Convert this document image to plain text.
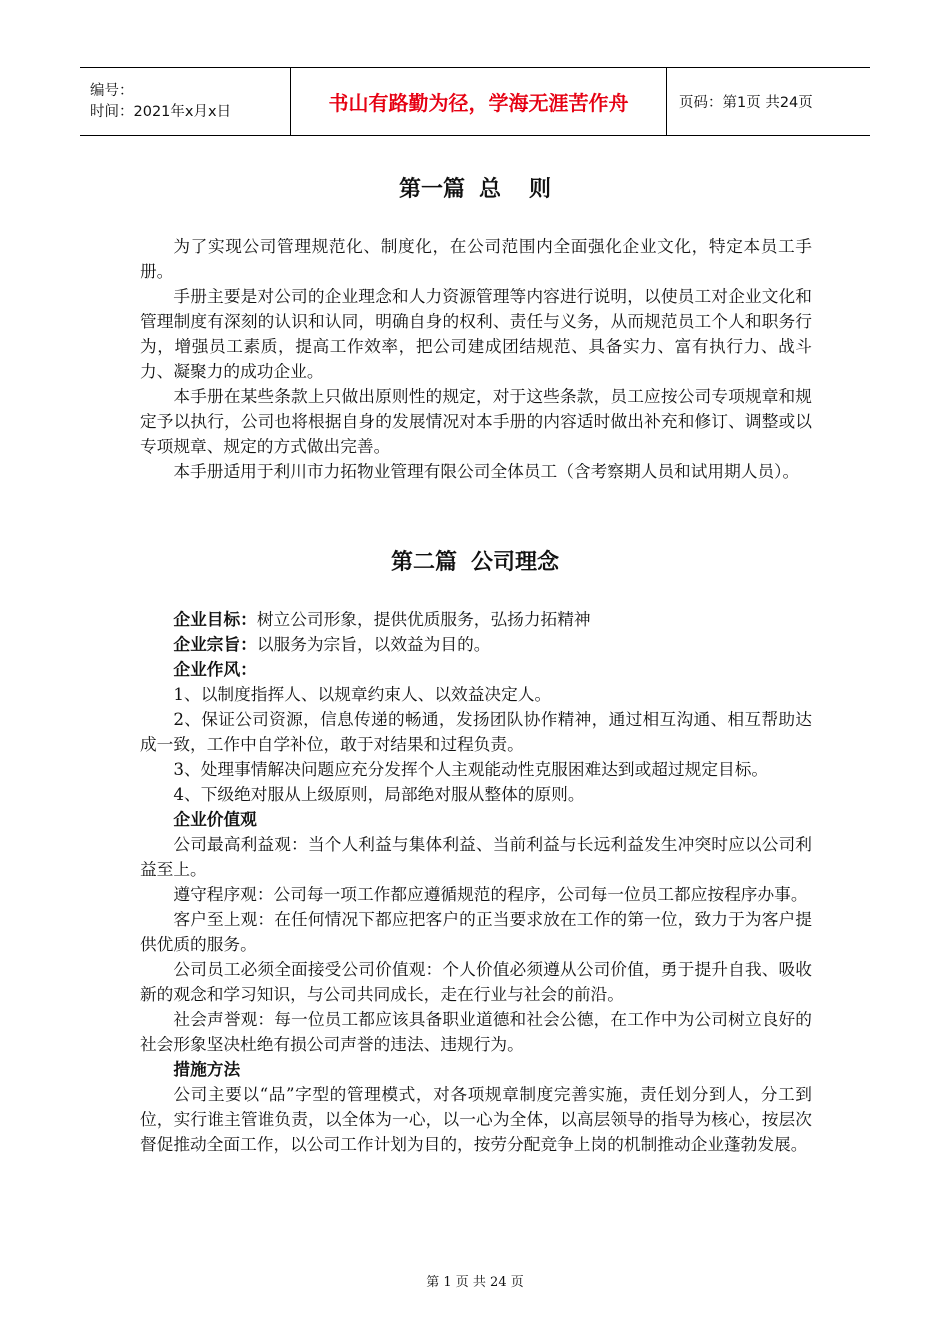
编号：
时间：2021年x月x日	书山有路勤为径，学海无涯苦作舟	页码：第1页 共24页
第一篇 总 则

为了实现公司管理规范化、制度化，在公司范围内全面强化企业文化，特定本员工手册。

手册主要是对公司的企业理念和人力资源管理等内容进行说明，以使员工对企业文化和管理制度有深刻的认识和认同，明确自身的权利、责任与义务，从而规范员工个人和职务行为，增强员工素质，提高工作效率，把公司建成团结规范、具备实力、富有执行力、战斗力、凝聚力的成功企业。

本手册在某些条款上只做出原则性的规定，对于这些条款，员工应按公司专项规章和规定予以执行，公司也将根据自身的发展情况对本手册的内容适时做出补充和修订、调整或以专项规章、规定的方式做出完善。

本手册适用于利川市力拓物业管理有限公司全体员工（含考察期人员和试用期人员）。

第二篇 公司理念

企业目标：树立公司形象，提供优质服务，弘扬力拓精神

企业宗旨：以服务为宗旨，以效益为目的。

企业作风：

1、以制度指挥人、以规章约束人、以效益决定人。

2、保证公司资源，信息传递的畅通，发扬团队协作精神，通过相互沟通、相互帮助达成一致，工作中自学补位，敢于对结果和过程负责。

3、处理事情解决问题应充分发挥个人主观能动性克服困难达到或超过规定目标。

4、下级绝对服从上级原则，局部绝对服从整体的原则。

企业价值观

公司最高利益观：当个人利益与集体利益、当前利益与长远利益发生冲突时应以公司利益至上。

遵守程序观：公司每一项工作都应遵循规范的程序，公司每一位员工都应按程序办事。

客户至上观：在任何情况下都应把客户的正当要求放在工作的第一位，致力于为客户提供优质的服务。

公司员工必须全面接受公司价值观：个人价值必须遵从公司价值，勇于提升自我、吸收新的观念和学习知识，与公司共同成长，走在行业与社会的前沿。

社会声誉观：每一位员工都应该具备职业道德和社会公德，在工作中为公司树立良好的社会形象坚决杜绝有损公司声誉的违法、违规行为。

措施方法

公司主要以“品”字型的管理模式，对各项规章制度完善实施，责任划分到人，分工到位，实行谁主管谁负责，以全体为一心，以一心为全体，以高层领导的指导为核心，按层次督促推动全面工作，以公司工作计划为目的，按劳分配竞争上岗的机制推动企业蓬勃发展。

第 1 页 共 24 页
